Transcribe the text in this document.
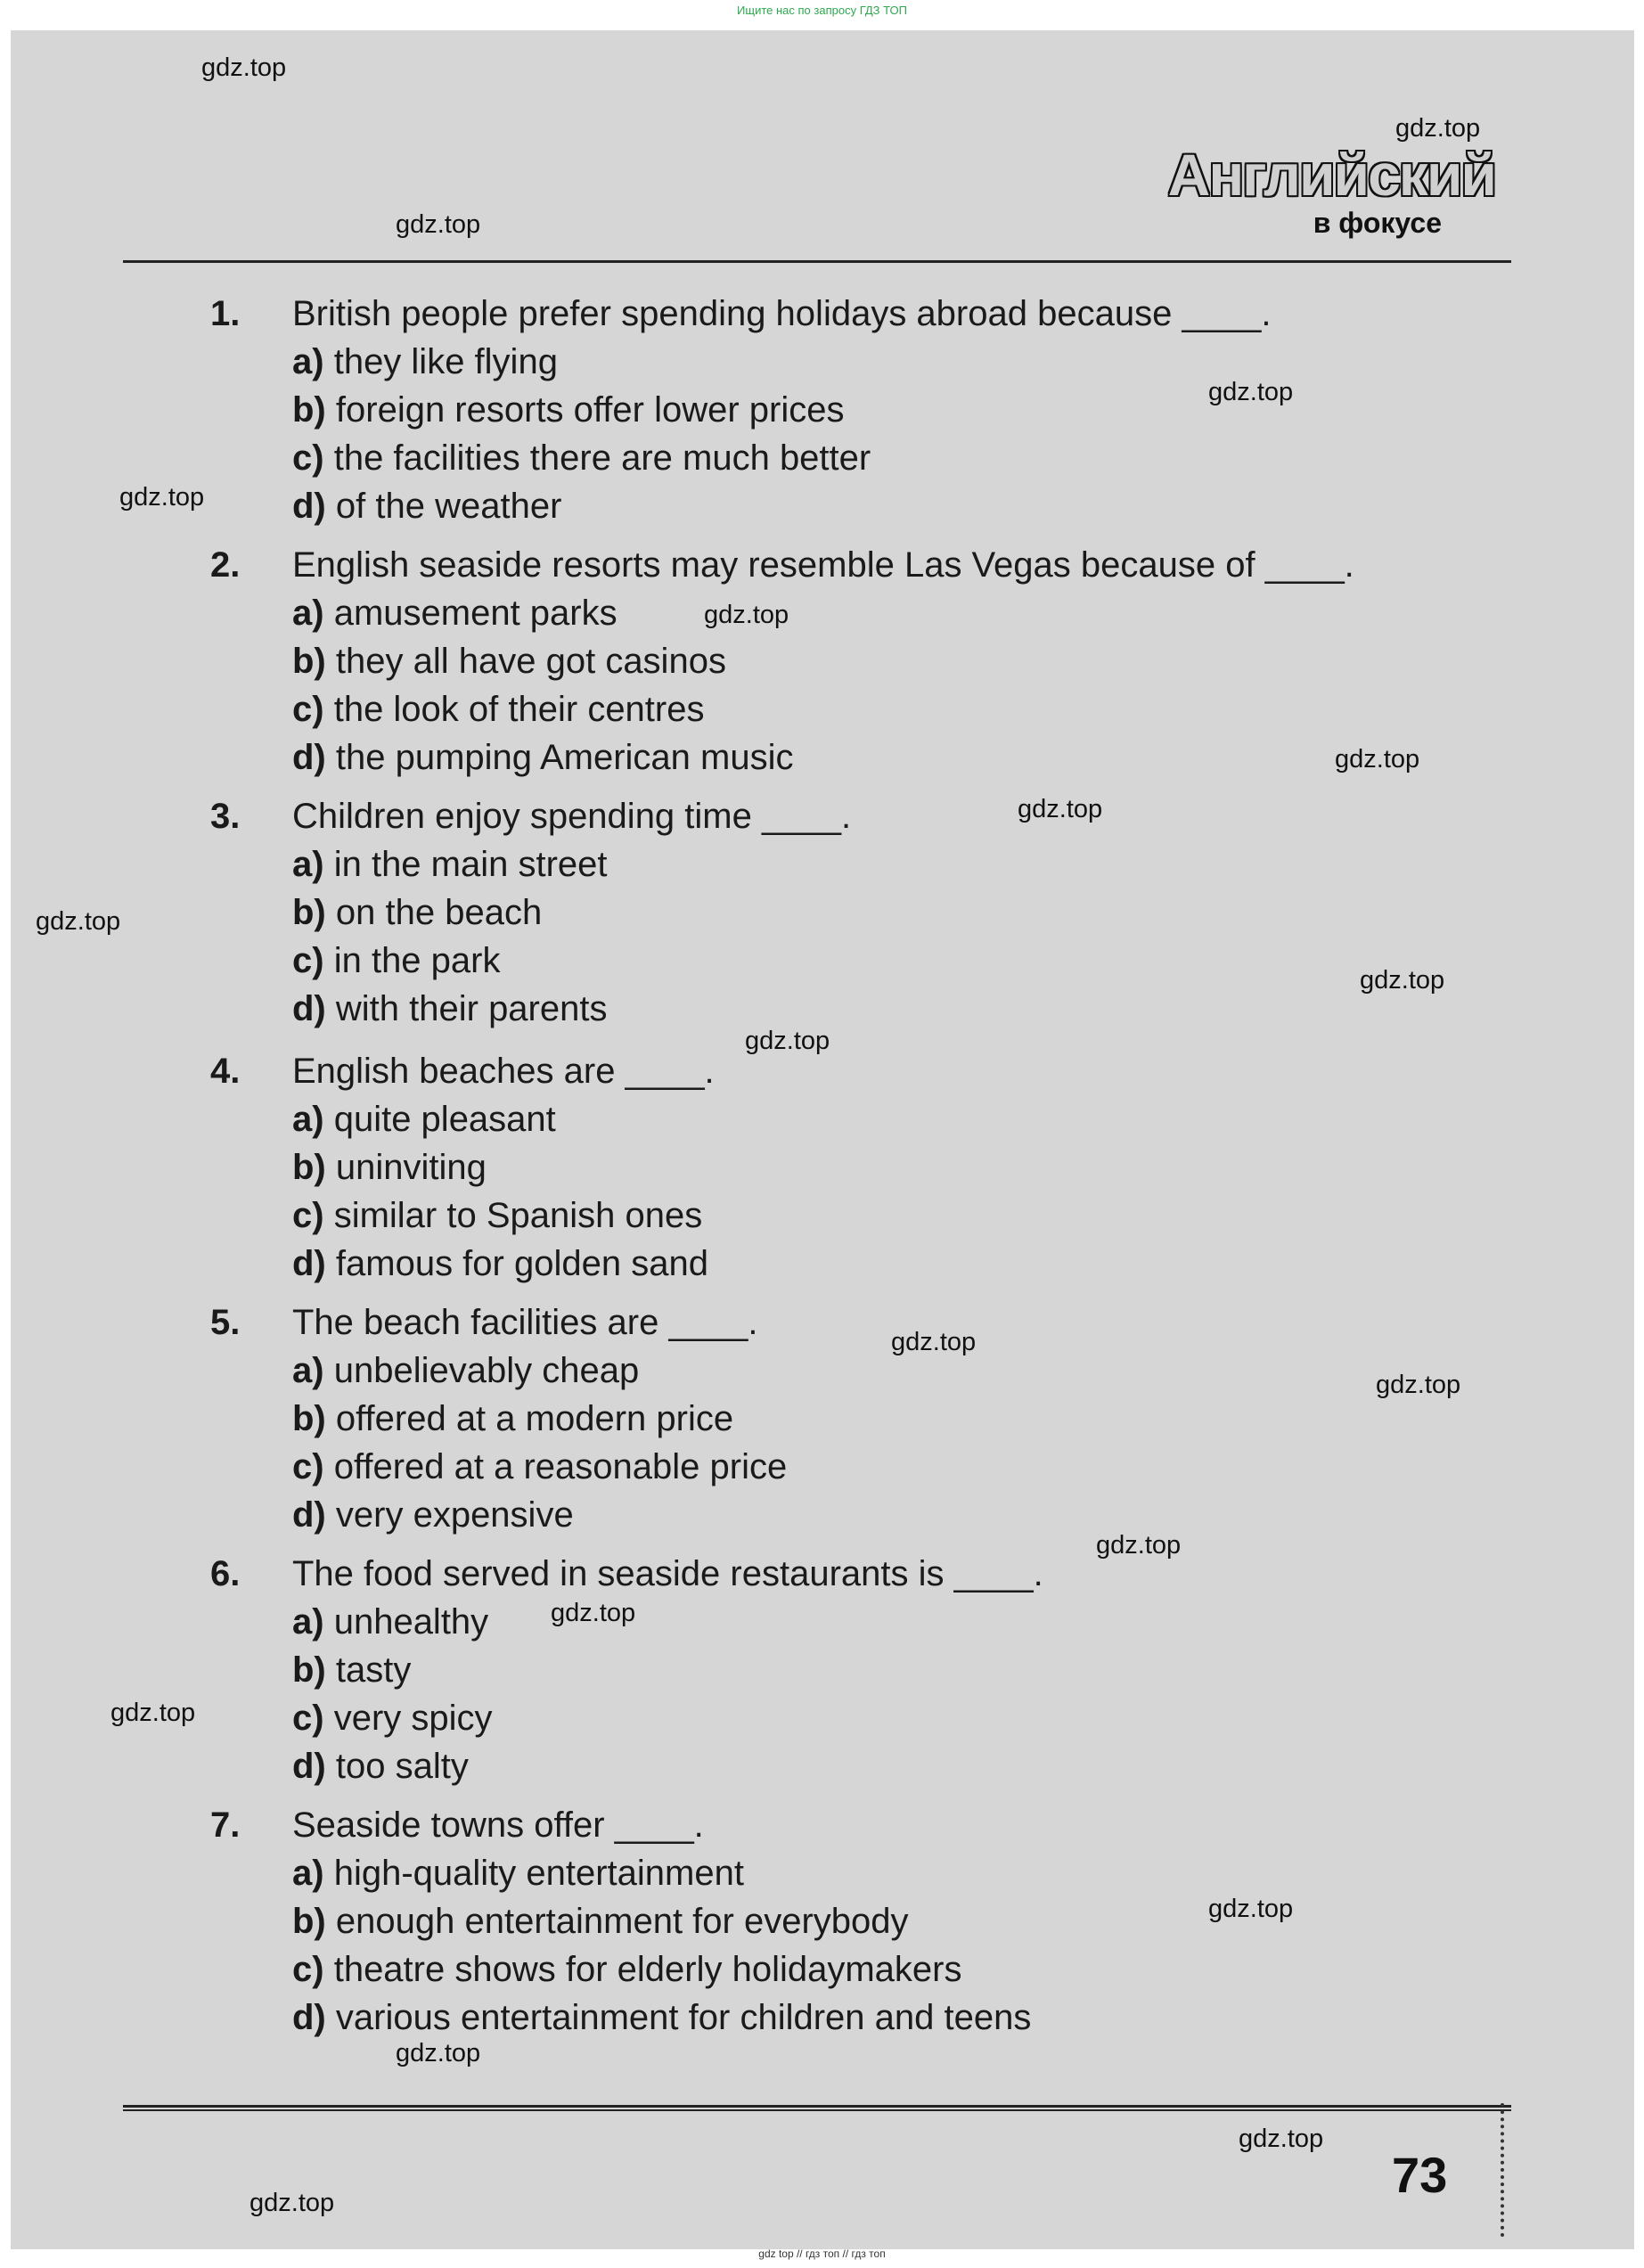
Ищите нас по запросу ГДЗ ТОП
Английский
в фокусе
1. British people prefer spending holidays abroad because ____.
a) they like flying
b) foreign resorts offer lower prices
c) the facilities there are much better
d) of the weather
2. English seaside resorts may resemble Las Vegas because of ____.
a) amusement parks
b) they all have got casinos
c) the look of their centres
d) the pumping American music
3. Children enjoy spending time ____.
a) in the main street
b) on the beach
c) in the park
d) with their parents
4. English beaches are ____.
a) quite pleasant
b) uninviting
c) similar to Spanish ones
d) famous for golden sand
5. The beach facilities are ____.
a) unbelievably cheap
b) offered at a modern price
c) offered at a reasonable price
d) very expensive
6. The food served in seaside restaurants is ____.
a) unhealthy
b) tasty
c) very spicy
d) too salty
7. Seaside towns offer ____.
a) high-quality entertainment
b) enough entertainment for everybody
c) theatre shows for elderly holidaymakers
d) various entertainment for children and teens
gdz.top
gdz.top
gdz.top
gdz.top
gdz.top
gdz.top
gdz.top
gdz.top
gdz.top
gdz.top
gdz.top
gdz.top
gdz.top
gdz.top
gdz.top
gdz.top
gdz.top
gdz.top
gdz.top
gdz.top	73
gdz top // гдз топ // гдз топ
